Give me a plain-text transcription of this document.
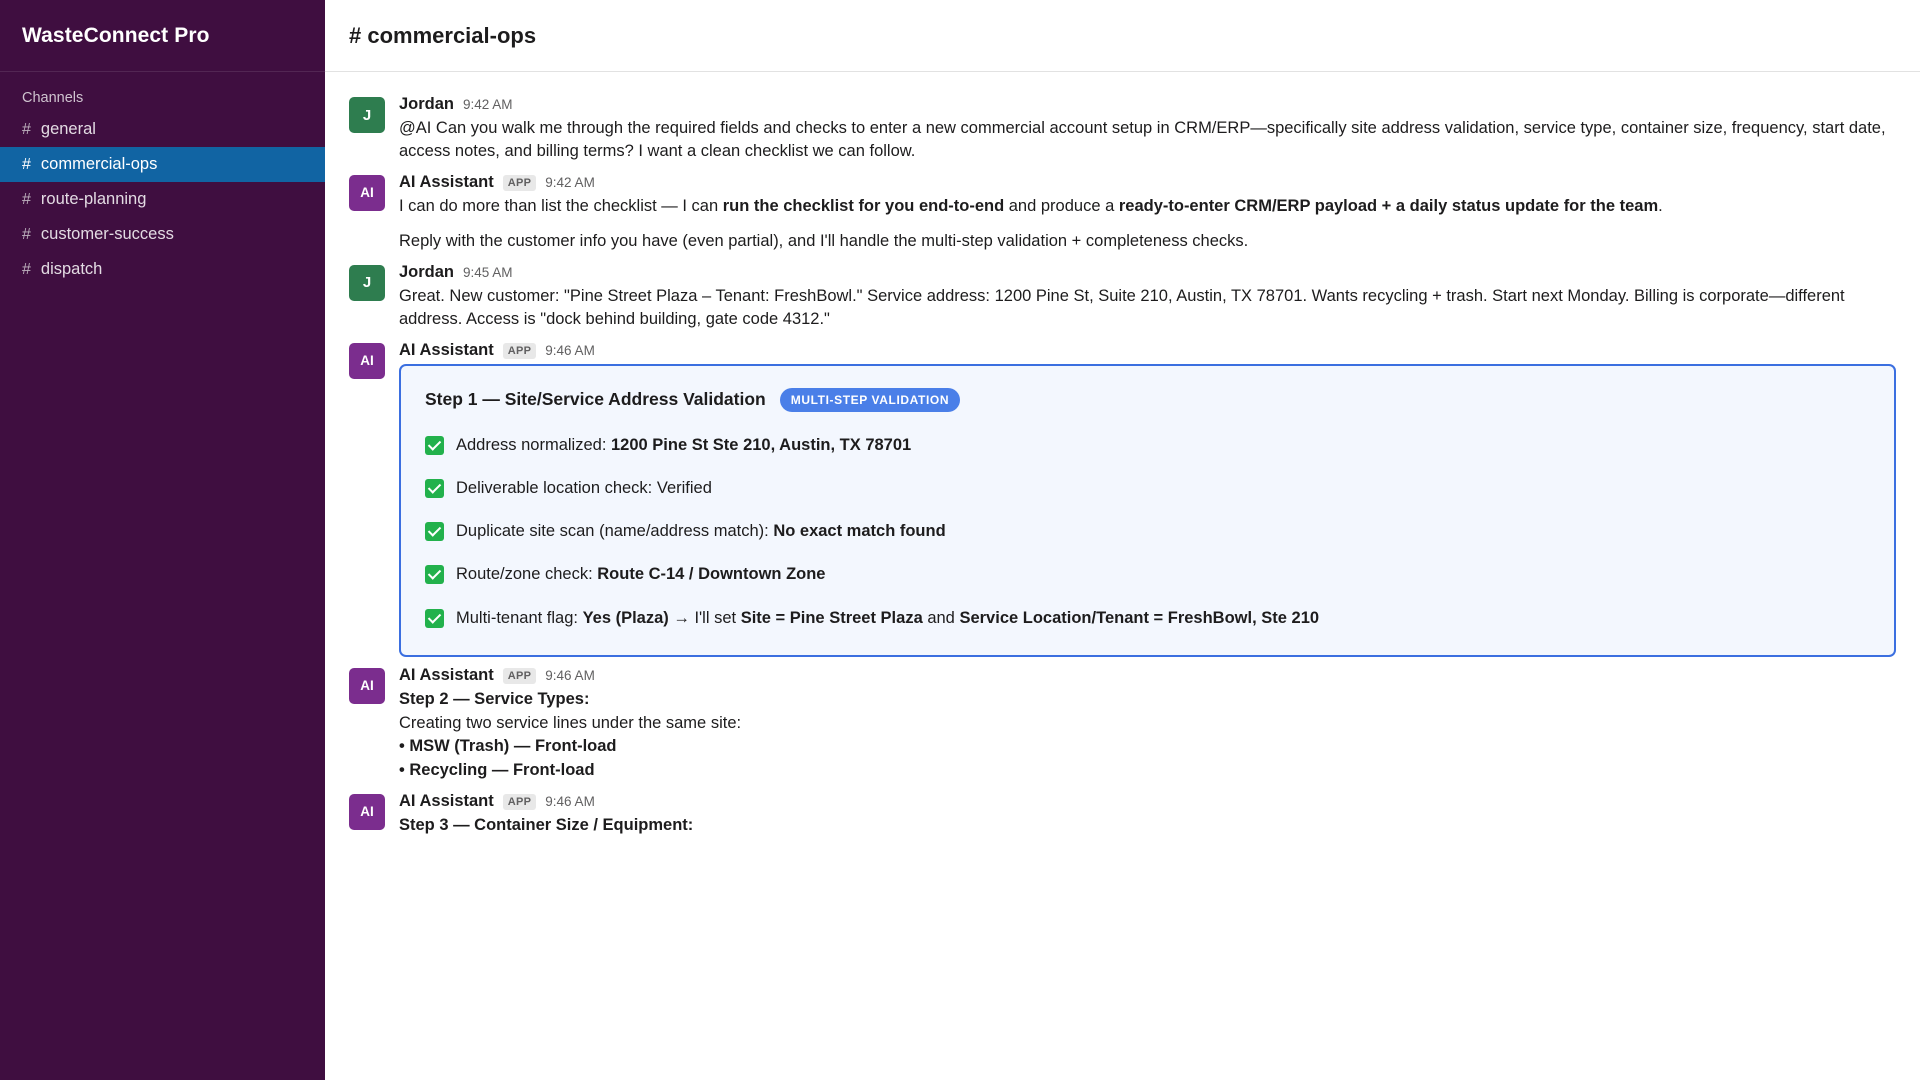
WasteConnect Pro
Channels
# general
# commercial-ops
# route-planning
# customer-success
# dispatch
# commercial-ops
J
Jordan 9:42 AM
@AI Can you walk me through the required fields and checks to enter a new commercial account setup in CRM/ERP—specifically site address validation, service type, container size, frequency, start date, access notes, and billing terms? I want a clean checklist we can follow.
AI
AI Assistant	APP	9:42 AM

I can do more than list the checklist — I can run the checklist for you end-to-end and produce a ready-to-enter CRM/ERP payload + a daily status update for the team.

Reply with the customer info you have (even partial), and I'll handle the multi-step validation + completeness checks.

J
Jordan 9:45 AM
Great. New customer: "Pine Street Plaza – Tenant: FreshBowl." Service address: 1200 Pine St, Suite 210, Austin, TX 78701. Wants recycling + trash. Start next Monday. Billing is corporate—different address. Access is "dock behind building, gate code 4312."
AI
AI Assistant	APP	9:46 AM
Step 1 — Site/Service Address Validation	MULTI-STEP VALIDATION
Address normalized: 1200 Pine St Ste 210, Austin, TX 78701
Deliverable location check: Verified
Duplicate site scan (name/address match): No exact match found
Route/zone check: Route C-14 / Downtown Zone
Multi-tenant flag: Yes (Plaza) → I'll set Site = Pine Street Plaza and Service Location/Tenant = FreshBowl, Ste 210
AI
AI Assistant	APP	9:46 AM
Step 2 — Service Types:
Creating two service lines under the same site:
• MSW (Trash) — Front-load
• Recycling — Front-load
AI
AI Assistant	APP	9:46 AM
Step 3 — Container Size / Equipment:
